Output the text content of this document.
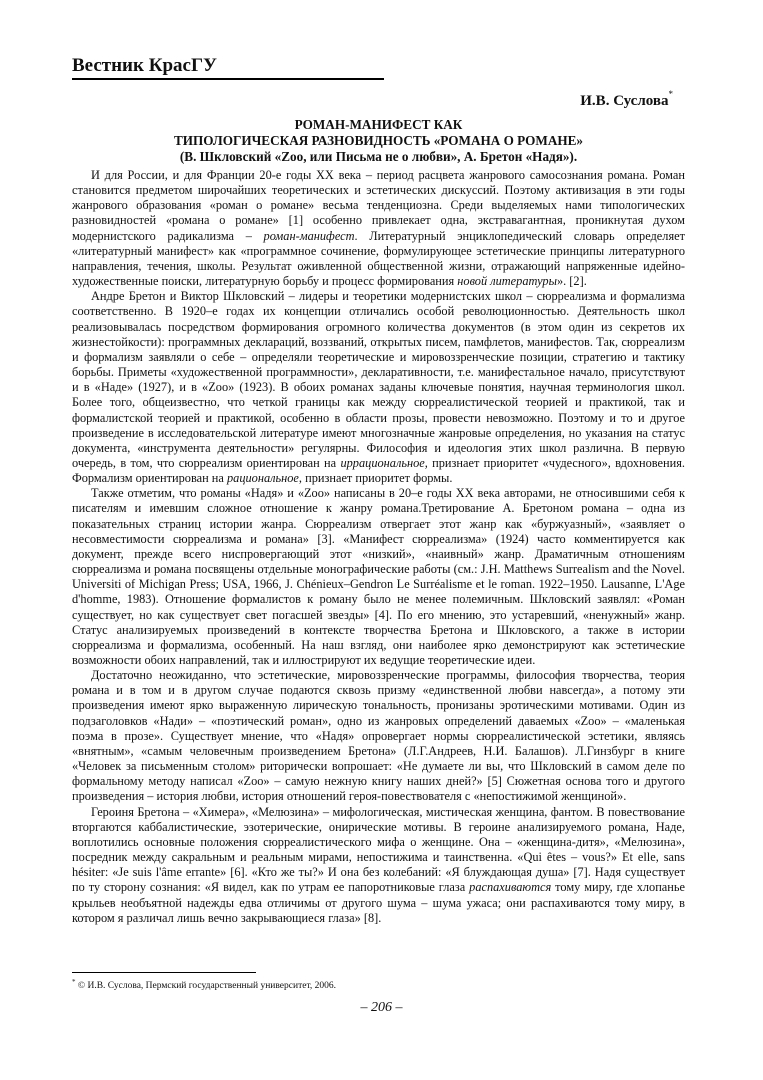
Вестник КрасГУ

И.В. Суслова*

РОМАН-МАНИФЕСТ КАК
ТИПОЛОГИЧЕСКАЯ РАЗНОВИДНОСТЬ «РОМАНА О РОМАНЕ»
(В. Шкловский «Zoo, или Письма не о любви», А. Бретон «Надя»).

И для России, и для Франции 20-е годы XX века – период расцвета жанрового самосознания романа. Роман становится предметом широчайших теоретических и эстетических дискуссий. Поэтому активизация в эти годы жанрового образования «роман о романе» весьма тенденциозна. Среди выделяемых нами типологических разновидностей «романа о романе» [1] особенно привлекает одна, экстравагантная, проникнутая духом модернистского радикализма – роман-манифест. Литературный энциклопедический словарь определяет «литературный манифест» как «программное сочинение, формулирующее эстетические принципы литературного направления, течения, школы. Результат оживленной общественной жизни, отражающий напряженные идейно-художественные поиски, литературную борьбу и процесс формирования новой литературы». [2].

Андре Бретон и Виктор Шкловский – лидеры и теоретики модернистских школ – сюрреализма и формализма соответственно. В 1920–е годах их концепции отличались особой революционностью. Деятельность школ реализовывалась посредством формирования огромного количества документов (в этом один из секретов их жизнестойкости): программных деклараций, воззваний, открытых писем, памфлетов, манифестов. Так, сюрреализм и формализм заявляли о себе – определяли теоретические и мировоззренческие позиции, стратегию и тактику борьбы. Приметы «художественной программности», декларативности, т.е. манифестальное начало, присутствуют и в «Наде» (1927), и в «Zoo» (1923). В обоих романах заданы ключевые понятия, научная терминология школ. Более того, общеизвестно, что четкой границы как между сюрреалистической теорией и практикой, так и формалистской теорией и практикой, особенно в области прозы, провести невозможно. Поэтому и то и другое произведение в исследовательской литературе имеют многозначные жанровые определения, но указания на статус документа, «инструмента деятельности» регулярны. Философия и идеология этих школ различна. В первую очередь, в том, что сюрреализм ориентирован на иррациональное, признает приоритет «чудесного», вдохновения. Формализм ориентирован на рациональное, признает приоритет формы.

Также отметим, что романы «Надя» и «Zoo» написаны в 20–е годы XX века авторами, не относившими себя к писателям и имевшим сложное отношение к жанру романа.Третирование А. Бретоном романа – одна из показательных страниц истории жанра. Сюрреализм отвергает этот жанр как «буржуазный», «заявляет о несовместимости сюрреализма и романа» [3]. «Манифест сюрреализма» (1924) часто комментируется как документ, прежде всего ниспровергающий этот «низкий», «наивный» жанр. Драматичным отношениям сюрреализма и романа посвящены отдельные монографические работы (см.: J.H. Matthews Surrealism and the Novel. Universiti of Michigan Press; USA, 1966, J. Chénieux–Gendron Le Surréalisme et le roman. 1922–1950. Lausanne, L'Age d'homme, 1983). Отношение формалистов к роману было не менее полемичным. Шкловский заявлял: «Роман существует, но как существует свет погасшей звезды» [4]. По его мнению, это устаревший, «ненужный» жанр. Статус анализируемых произведений в контексте творчества Бретона и Шкловского, а также в истории сюрреализма и формализма, особенный. На наш взгляд, они наиболее ярко демонстрируют как эстетические возможности обоих направлений, так и иллюстрируют их ведущие теоретические идеи.

Достаточно неожиданно, что эстетические, мировоззренческие программы, философия творчества, теория романа и в том и в другом случае подаются сквозь призму «единственной любви навсегда», а потому эти произведения имеют ярко выраженную лирическую тональность, пронизаны эротическими мотивами. Один из подзаголовков «Нади» – «поэтический роман», одно из жанровых определений даваемых «Zoo» – «маленькая поэма в прозе». Существует мнение, что «Надя» опровергает нормы сюрреалистической эстетики, являясь «внятным», «самым человечным произведением Бретона» (Л.Г.Андреев, Н.И. Балашов). Л.Гинзбург в книге «Человек за письменным столом» риторически вопрошает: «Не думаете ли вы, что Шкловский в самом деле по формальному методу написал «Zoo» – самую нежную книгу наших дней?» [5] Сюжетная основа того и другого произведения – история любви, история отношений героя-повествователя с «непостижимой женщиной».

Героиня Бретона – «Химера», «Мелюзина» – мифологическая, мистическая женщина, фантом. В повествование вторгаются каббалистические, эзотерические, онирические мотивы. В героине анализируемого романа, Наде, воплотились основные положения сюрреалистического мифа о женщине. Она – «женщина-дитя», «Мелюзина», посредник между сакральным и реальным мирами, непостижима и таинственна. «Qui êtes – vous?» Et elle, sans hésiter: «Je suis l'âme errante» [6]. «Кто же ты?» И она без колебаний: «Я блуждающая душа» [7]. Надя существует по ту сторону сознания: «Я видел, как по утрам ее папоротниковые глаза распахиваются тому миру, где хлопанье крыльев необъятной надежды едва отличимы от другого шума – шума ужаса; они распахиваются тому миру, в котором я различал лишь вечно закрывающиеся глаза» [8].

* © И.В. Суслова, Пермский государственный университет, 2006.

– 206 –
